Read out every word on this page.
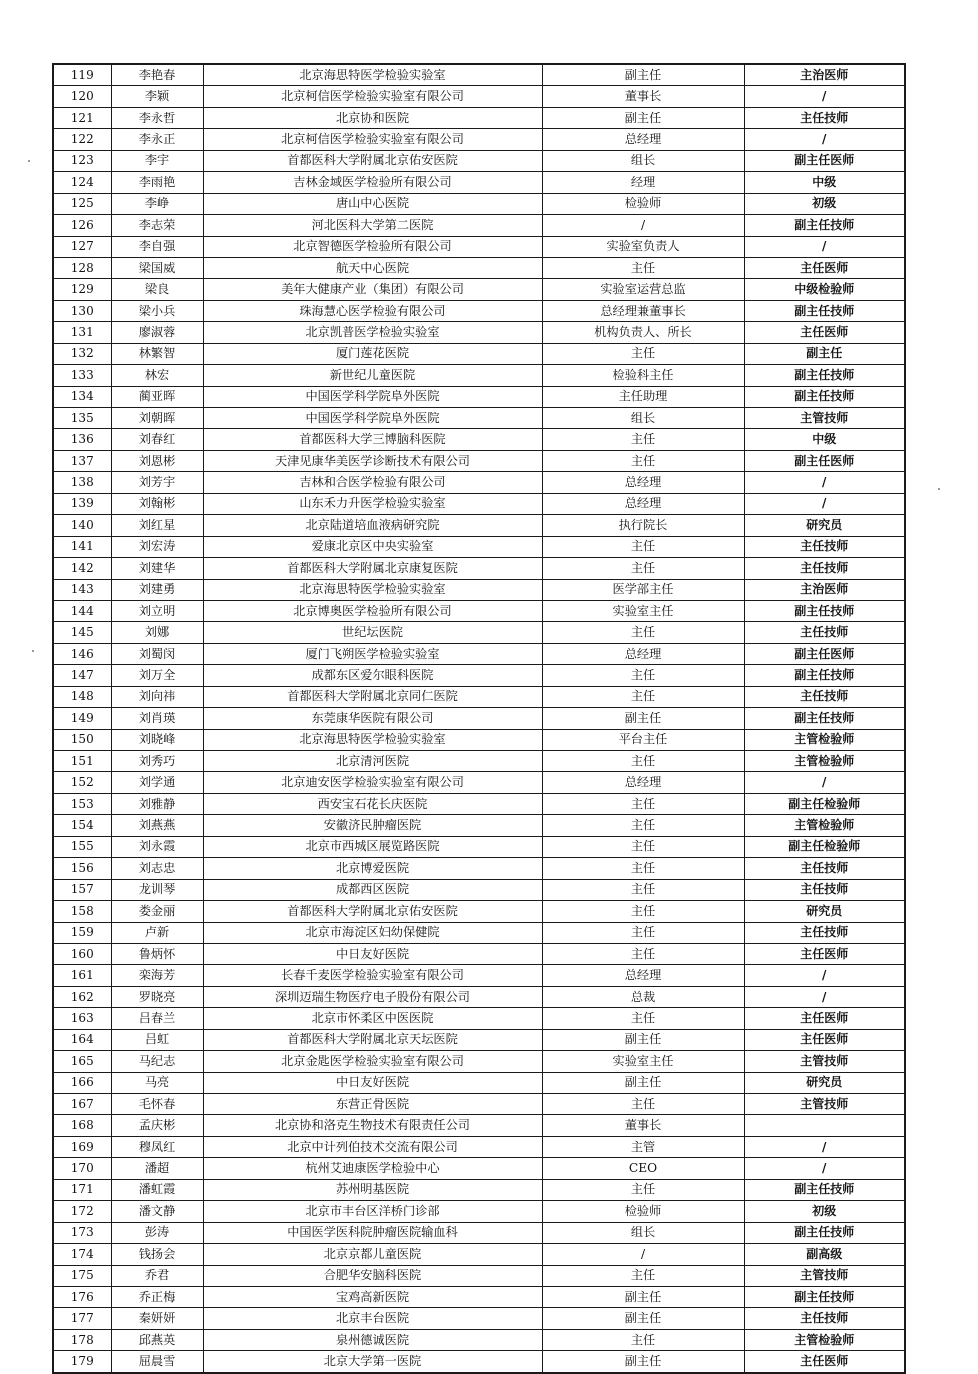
119	李艳春	北京海思特医学检验实验室	副主任	主治医师
120	李颖	北京柯信医学检验实验室有限公司	董事长	/
121	李永哲	北京协和医院	副主任	主任技师
122	李永正	北京柯信医学检验实验室有限公司	总经理	/
123	李宇	首都医科大学附属北京佑安医院	组长	副主任医师
124	李雨艳	吉林金域医学检验所有限公司	经理	中级
125	李峥	唐山中心医院	检验师	初级
126	李志荣	河北医科大学第二医院	/	副主任技师
127	李自强	北京智德医学检验所有限公司	实验室负责人	/
128	梁国威	航天中心医院	主任	主任医师
129	梁良	美年大健康产业（集团）有限公司	实验室运营总监	中级检验师
130	梁小兵	珠海慧心医学检验有限公司	总经理兼董事长	副主任技师
131	廖淑蓉	北京凯普医学检验实验室	机构负责人、所长	主任医师
132	林繁智	厦门莲花医院	主任	副主任
133	林宏	新世纪儿童医院	检验科主任	副主任技师
134	蔺亚晖	中国医学科学院阜外医院	主任助理	副主任技师
135	刘朝晖	中国医学科学院阜外医院	组长	主管技师
136	刘春红	首都医科大学三博脑科医院	主任	中级
137	刘恩彬	天津见康华美医学诊断技术有限公司	主任	副主任医师
138	刘芳宇	吉林和合医学检验有限公司	总经理	/
139	刘翰彬	山东禾力升医学检验实验室	总经理	/
140	刘红星	北京陆道培血液病研究院	执行院长	研究员
141	刘宏涛	爱康北京区中央实验室	主任	主任技师
142	刘建华	首都医科大学附属北京康复医院	主任	主任技师
143	刘建勇	北京海思特医学检验实验室	医学部主任	主治医师
144	刘立明	北京博奥医学检验所有限公司	实验室主任	副主任技师
145	刘娜	世纪坛医院	主任	主任技师
146	刘蜀闵	厦门飞朔医学检验实验室	总经理	副主任医师
147	刘万全	成都东区爱尔眼科医院	主任	副主任技师
148	刘向祎	首都医科大学附属北京同仁医院	主任	主任技师
149	刘肖瑛	东莞康华医院有限公司	副主任	副主任技师
150	刘晓峰	北京海思特医学检验实验室	平台主任	主管检验师
151	刘秀巧	北京清河医院	主任	主管检验师
152	刘学通	北京迪安医学检验实验室有限公司	总经理	/
153	刘雅静	西安宝石花长庆医院	主任	副主任检验师
154	刘燕燕	安徽济民肿瘤医院	主任	主管检验师
155	刘永霞	北京市西城区展览路医院	主任	副主任检验师
156	刘志忠	北京博爱医院	主任	主任技师
157	龙训琴	成都西区医院	主任	主任技师
158	娄金丽	首都医科大学附属北京佑安医院	主任	研究员
159	卢新	北京市海淀区妇幼保健院	主任	主任技师
160	鲁炳怀	中日友好医院	主任	主任医师
161	栾海芳	长春千麦医学检验实验室有限公司	总经理	/
162	罗晓亮	深圳迈瑞生物医疗电子股份有限公司	总裁	/
163	吕春兰	北京市怀柔区中医医院	主任	主任医师
164	吕虹	首都医科大学附属北京天坛医院	副主任	主任医师
165	马纪志	北京金匙医学检验实验室有限公司	实验室主任	主管技师
166	马亮	中日友好医院	副主任	研究员
167	毛怀春	东营正骨医院	主任	主管技师
168	孟庆彬	北京协和洛克生物技术有限责任公司	董事长	
169	穆凤红	北京中计列伯技术交流有限公司	主管	/
170	潘超	杭州艾迪康医学检验中心	CEO	/
171	潘虹霞	苏州明基医院	主任	副主任技师
172	潘文静	北京市丰台区洋桥门诊部	检验师	初级
173	彭涛	中国医学医科院肿瘤医院输血科	组长	副主任技师
174	钱扬会	北京京都儿童医院	/	副高级
175	乔君	合肥华安脑科医院	主任	主管技师
176	乔正梅	宝鸡高新医院	副主任	副主任技师
177	秦妍妍	北京丰台医院	副主任	主任技师
178	邱燕英	泉州德诚医院	主任	主管检验师
179	屈晨雪	北京大学第一医院	副主任	主任医师
